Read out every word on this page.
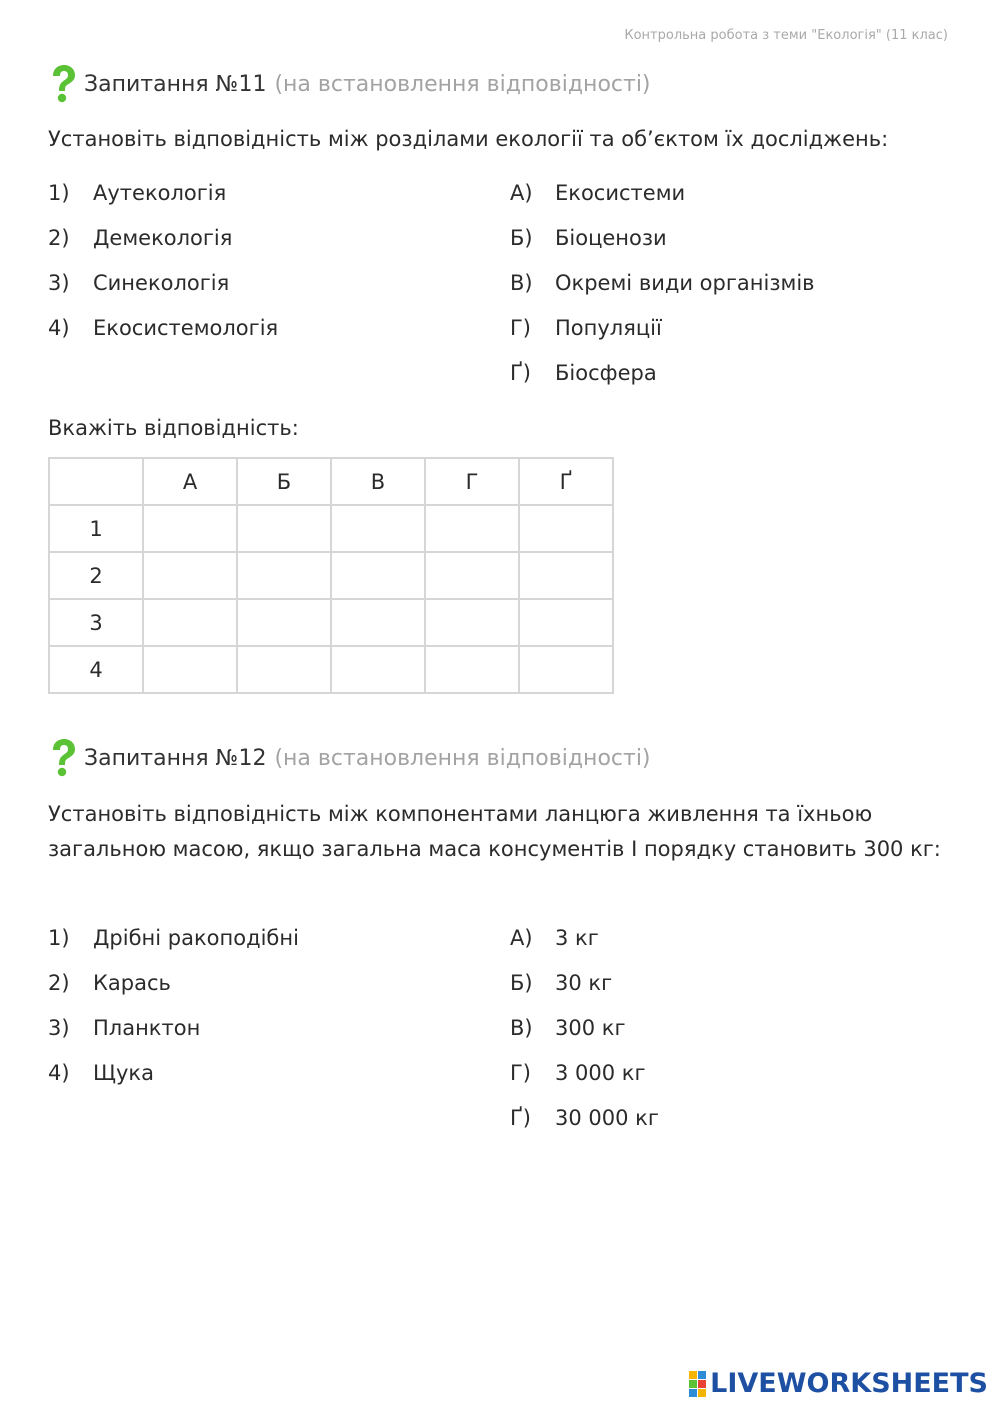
Контрольна робота з теми "Екологія" (11 клас)
Запитання №11 (на встановлення відповідності)
Установіть відповідність між розділами екології та об’єктом їх досліджень:
1)	Аутекологія
2)	Демекологія
3)	Синекологія
4)	Екосистемологія
А)	Екосистеми
Б)	Біоценози
В)	Окремі види організмів
Г)	Популяції
Ґ)	Біосфера
Вкажіть відповідність:
	А	Б	В	Г	Ґ
1					
2					
3					
4					
Запитання №12 (на встановлення відповідності)
Установіть відповідність між компонентами ланцюга живлення та їхньою загальною масою, якщо загальна маса консументів І порядку становить 300 кг:
1)	Дрібні ракоподібні
2)	Карась
3)	Планктон
4)	Щука
А)	3 кг
Б)	30 кг
В)	300 кг
Г)	3 000 кг
Ґ)	30 000 кг
LIVEWORKSHEETS
